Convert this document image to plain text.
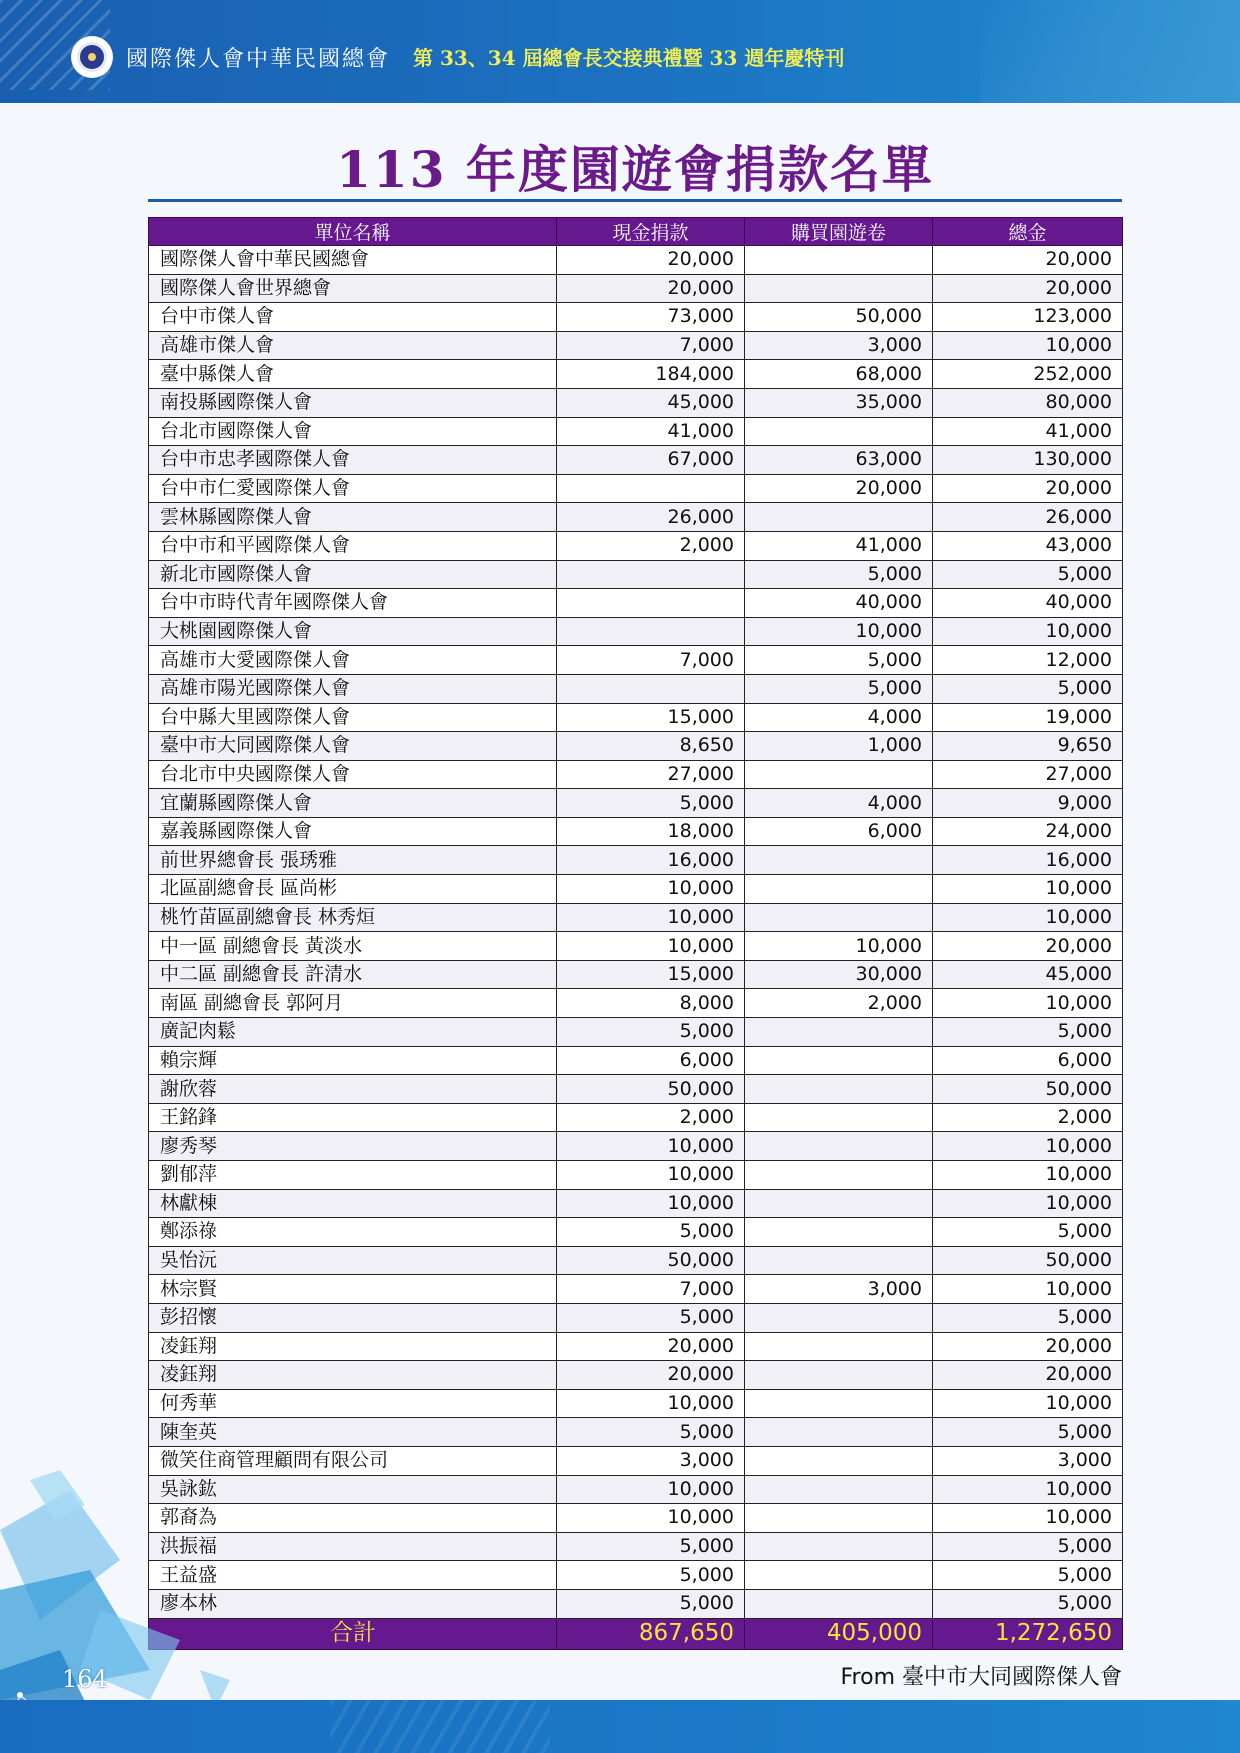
國際傑人會中華民國總會 第 33、34 屆總會長交接典禮暨 33 週年慶特刊
113 年度園遊會捐款名單
單位名稱	現金捐款	購買園遊卷	總金
國際傑人會中華民國總會	20,000		20,000
國際傑人會世界總會	20,000		20,000
台中市傑人會	73,000	50,000	123,000
高雄市傑人會	7,000	3,000	10,000
臺中縣傑人會	184,000	68,000	252,000
南投縣國際傑人會	45,000	35,000	80,000
台北市國際傑人會	41,000		41,000
台中市忠孝國際傑人會	67,000	63,000	130,000
台中市仁愛國際傑人會		20,000	20,000
雲林縣國際傑人會	26,000		26,000
台中市和平國際傑人會	2,000	41,000	43,000
新北市國際傑人會		5,000	5,000
台中市時代青年國際傑人會		40,000	40,000
大桃園國際傑人會		10,000	10,000
高雄市大愛國際傑人會	7,000	5,000	12,000
高雄市陽光國際傑人會		5,000	5,000
台中縣大里國際傑人會	15,000	4,000	19,000
臺中市大同國際傑人會	8,650	1,000	9,650
台北市中央國際傑人會	27,000		27,000
宜蘭縣國際傑人會	5,000	4,000	9,000
嘉義縣國際傑人會	18,000	6,000	24,000
前世界總會長 張琇雅	16,000		16,000
北區副總會長 區尚彬	10,000		10,000
桃竹苗區副總會長 林秀烜	10,000		10,000
中一區 副總會長 黃淡水	10,000	10,000	20,000
中二區 副總會長 許清水	15,000	30,000	45,000
南區 副總會長 郭阿月	8,000	2,000	10,000
廣記肉鬆	5,000		5,000
賴宗輝	6,000		6,000
謝欣蓉	50,000		50,000
王銘鋒	2,000		2,000
廖秀琴	10,000		10,000
劉郁萍	10,000		10,000
林獻棟	10,000		10,000
鄭添祿	5,000		5,000
吳怡沅	50,000		50,000
林宗賢	7,000	3,000	10,000
彭招懷	5,000		5,000
凌鈺翔	20,000		20,000
凌鈺翔	20,000		20,000
何秀華	10,000		10,000
陳奎英	5,000		5,000
微笑住商管理顧問有限公司	3,000		3,000
吳詠鈜	10,000		10,000
郭裔為	10,000		10,000
洪振福	5,000		5,000
王益盛	5,000		5,000
廖本林	5,000		5,000
合計	867,650	405,000	1,272,650
From 臺中市大同國際傑人會
164
